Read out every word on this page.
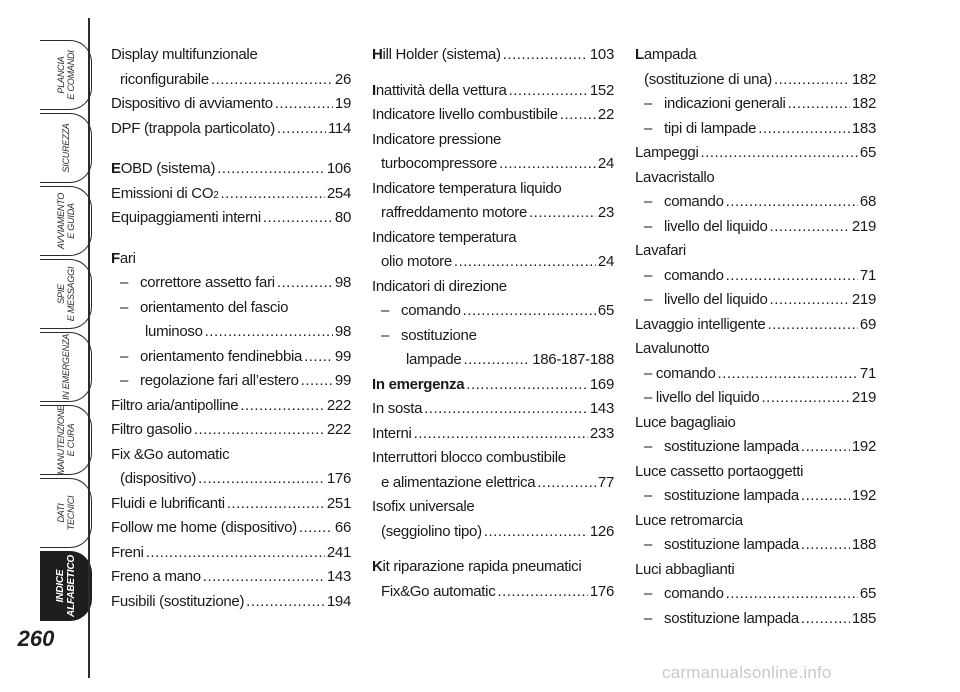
PLANCIA
E COMANDI
SICUREZZA
AVVIAMENTO
E GUIDA
SPIE
E MESSAGGI
IN EMERGENZA
MANUTENZIONE
E CURA
DATI
TECNICI
INDICE
ALFABETICO
260
Display multifunzionale
riconfigurabile .....	26
Dispositivo di avviamento .....	19
DPF (trappola particolato) .....	114
EOBD (sistema) .....	106
Emissioni di CO2 .....	254
Equipaggiamenti interni .....	80
Fari
– correttore assetto fari .....	98
– orientamento del fascio
luminoso .....	98
– orientamento fendinebbia ..... 99
– regolazione fari all’estero ..... 99
Filtro aria/antipolline .....	222
Filtro gasolio .....	222
Fix &Go automatic
(dispositivo) .....	176
Fluidi e lubrificanti .....	251
Follow me home (dispositivo) .....	66
Freni .....	241
Freno a mano .....	143
Fusibili (sostituzione) .....	194
Hill Holder (sistema) .....	103
Inattività della vettura .....	152
Indicatore livello combustibile .....	22
Indicatore pressione
turbocompressore .....	24
Indicatore temperatura liquido
raffreddamento motore .....	23
Indicatore temperatura
olio motore .....	24
Indicatori di direzione
– comando .....	65
– sostituzione
lampade .....	186-187-188
In emergenza .....	169
In sosta .....	143
Interni .....	233
Interruttori blocco combustibile
e alimentazione elettrica .....	77
Isofix universale
(seggiolino tipo) .....	126
Kit riparazione rapida pneumatici
Fix&Go automatic .....	176
Lampada
(sostituzione di una) .....	182
– indicazioni generali .....	182
– tipi di lampade .....	183
Lampeggi .....	65
Lavacristallo
– comando .....	68
– livello del liquido .....	219
Lavafari
– comando .....	71
– livello del liquido .....	219
Lavaggio intelligente .....	69
Lavalunotto
– comando .....	71
– livello del liquido .....	219
Luce bagagliaio
– sostituzione lampada .....	192
Luce cassetto portaoggetti
– sostituzione lampada .....	192
Luce retromarcia
– sostituzione lampada .....	188
Luci abbaglianti
– comando .....	65
– sostituzione lampada .....	185
carmanualsonline.info
